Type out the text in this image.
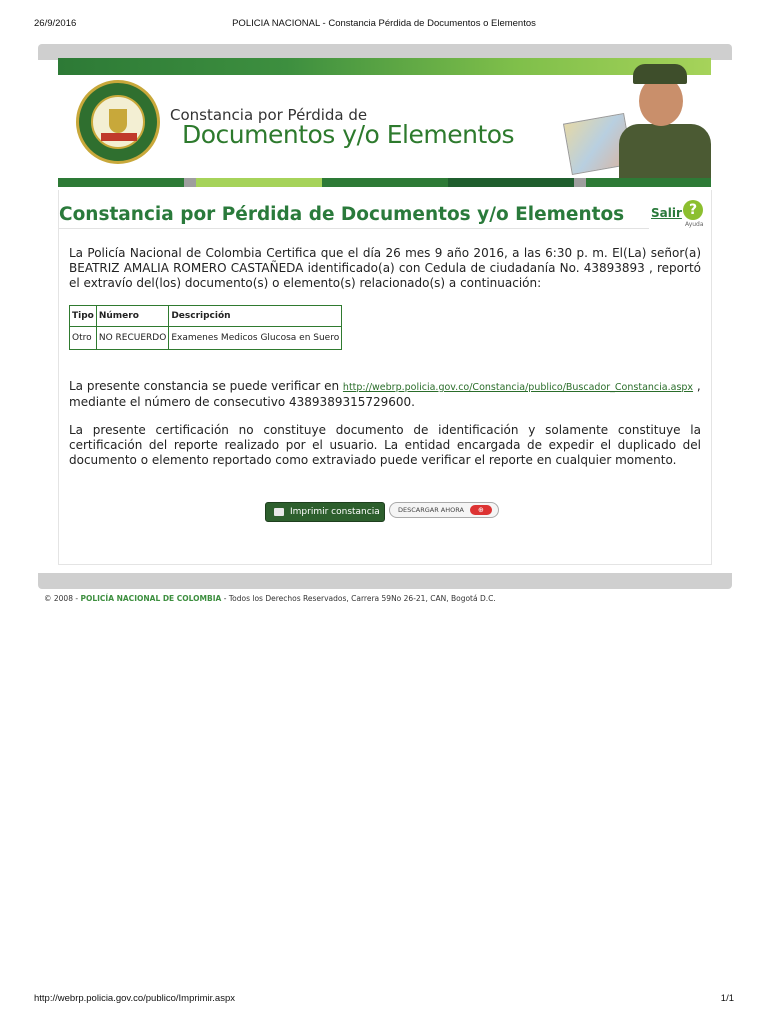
26/9/2016	POLICIA NACIONAL - Constancia Pérdida de Documentos o Elementos
Constancia por Pérdida de
Documentos y/o Elementos
Constancia por Pérdida de Documentos y/o Elementos Salir ?
Ayuda
La Policía Nacional de Colombia Certifica que el día 26 mes 9 año 2016, a las 6:30 p. m. El(La) señor(a) BEATRIZ AMALIA ROMERO CASTAÑEDA identificado(a) con Cedula de ciudadanía No. 43893893 , reportó el extravío del(los) documento(s) o elemento(s) relacionado(s) a continuación:
Tipo	Número	Descripción
Otro	NO RECUERDO	Examenes Medicos Glucosa en Suero
La presente constancia se puede verificar en http://webrp.policia.gov.co/Constancia/publico/Buscador_Constancia.aspx ,
mediante el número de consecutivo 4389389315729600.
La presente certificación no constituye documento de identificación y solamente constituye la certificación del reporte realizado por el usuario. La entidad encargada de expedir el duplicado del documento o elemento reportado como extraviado puede verificar el reporte en cualquier momento.
Imprimir constancia	DESCARGAR AHORA	⊕
© 2008 - POLICÍA NACIONAL DE COLOMBIA - Todos los Derechos Reservados, Carrera 59No 26-21, CAN, Bogotá D.C.
http://webrp.policia.gov.co/publico/Imprimir.aspx	1/1
